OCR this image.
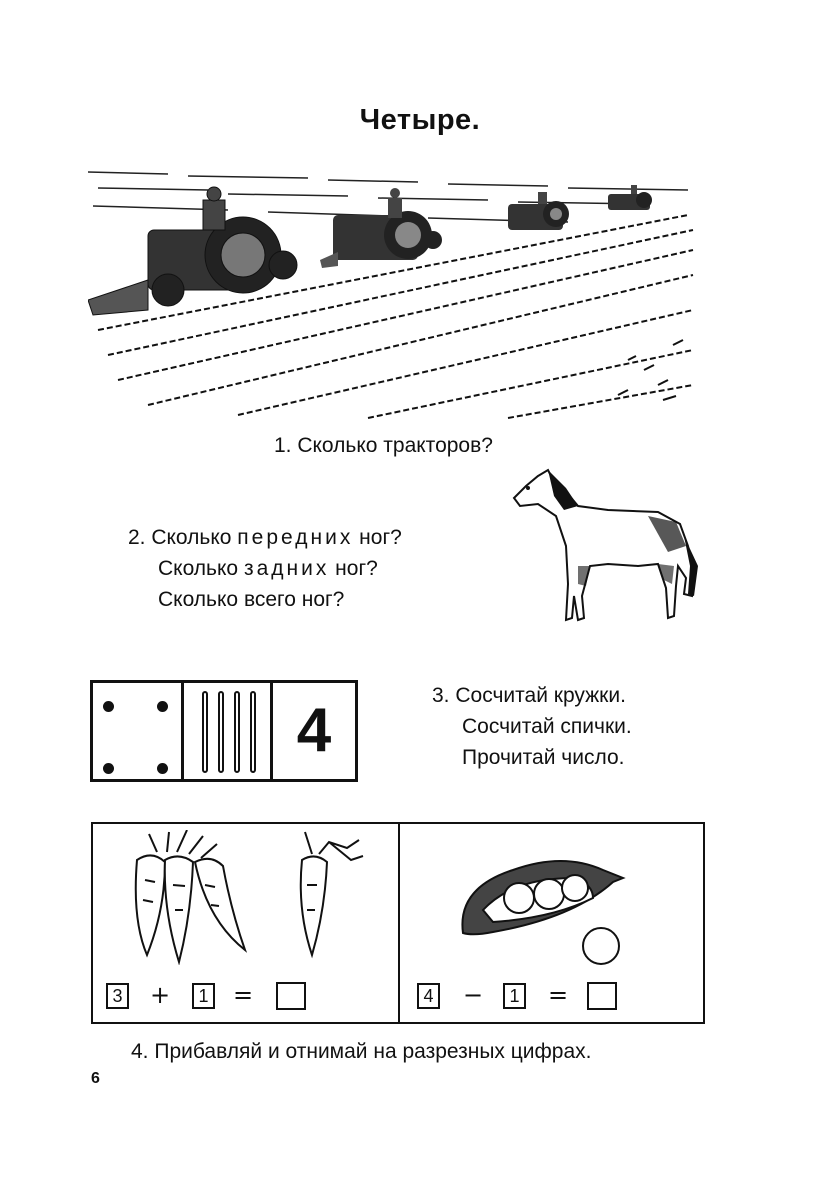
Четыре.
1. Сколько тракторов?
2. Сколько передних ног?
Сколько задних ног?
Сколько всего ног?
4
3. Сосчитай кружки.
Сосчитай спички.
Прочитай число.
3 +	1 =	4 −	1 =
4. Прибавляй и отнимай на разрезных цифрах.
6
